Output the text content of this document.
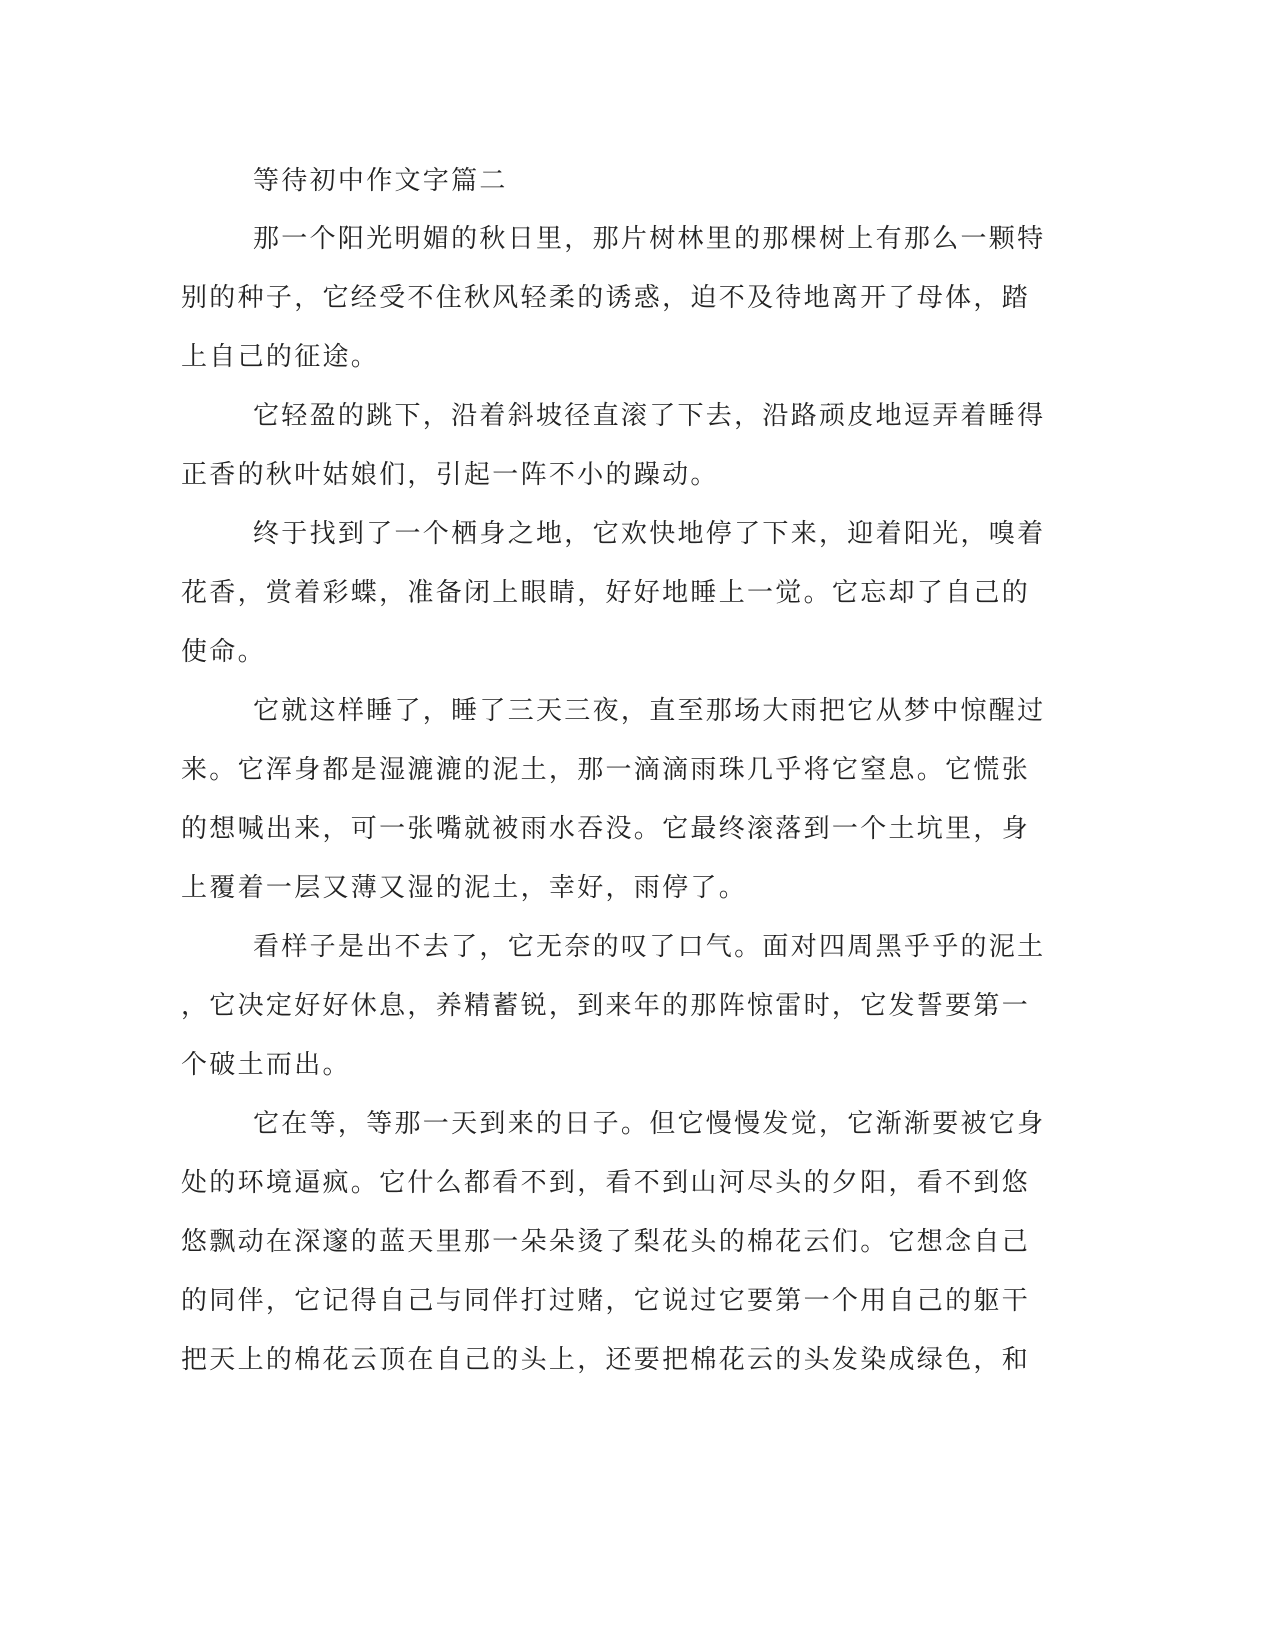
等待初中作文字篇二
那一个阳光明媚的秋日里，那片树林里的那棵树上有那么一颗特
别的种子，它经受不住秋风轻柔的诱惑，迫不及待地离开了母体，踏
上自己的征途。
它轻盈的跳下，沿着斜坡径直滚了下去，沿路顽皮地逗弄着睡得
正香的秋叶姑娘们，引起一阵不小的躁动。
终于找到了一个栖身之地，它欢快地停了下来，迎着阳光，嗅着
花香，赏着彩蝶，准备闭上眼睛，好好地睡上一觉。它忘却了自己的
使命。
它就这样睡了，睡了三天三夜，直至那场大雨把它从梦中惊醒过
来。它浑身都是湿漉漉的泥土，那一滴滴雨珠几乎将它窒息。它慌张
的想喊出来，可一张嘴就被雨水吞没。它最终滚落到一个土坑里，身
上覆着一层又薄又湿的泥土，幸好，雨停了。
看样子是出不去了，它无奈的叹了口气。面对四周黑乎乎的泥土
，它决定好好休息，养精蓄锐，到来年的那阵惊雷时，它发誓要第一
个破土而出。
它在等，等那一天到来的日子。但它慢慢发觉，它渐渐要被它身
处的环境逼疯。它什么都看不到，看不到山河尽头的夕阳，看不到悠
悠飘动在深邃的蓝天里那一朵朵烫了梨花头的棉花云们。它想念自己
的同伴，它记得自己与同伴打过赌，它说过它要第一个用自己的躯干
把天上的棉花云顶在自己的头上，还要把棉花云的头发染成绿色，和
